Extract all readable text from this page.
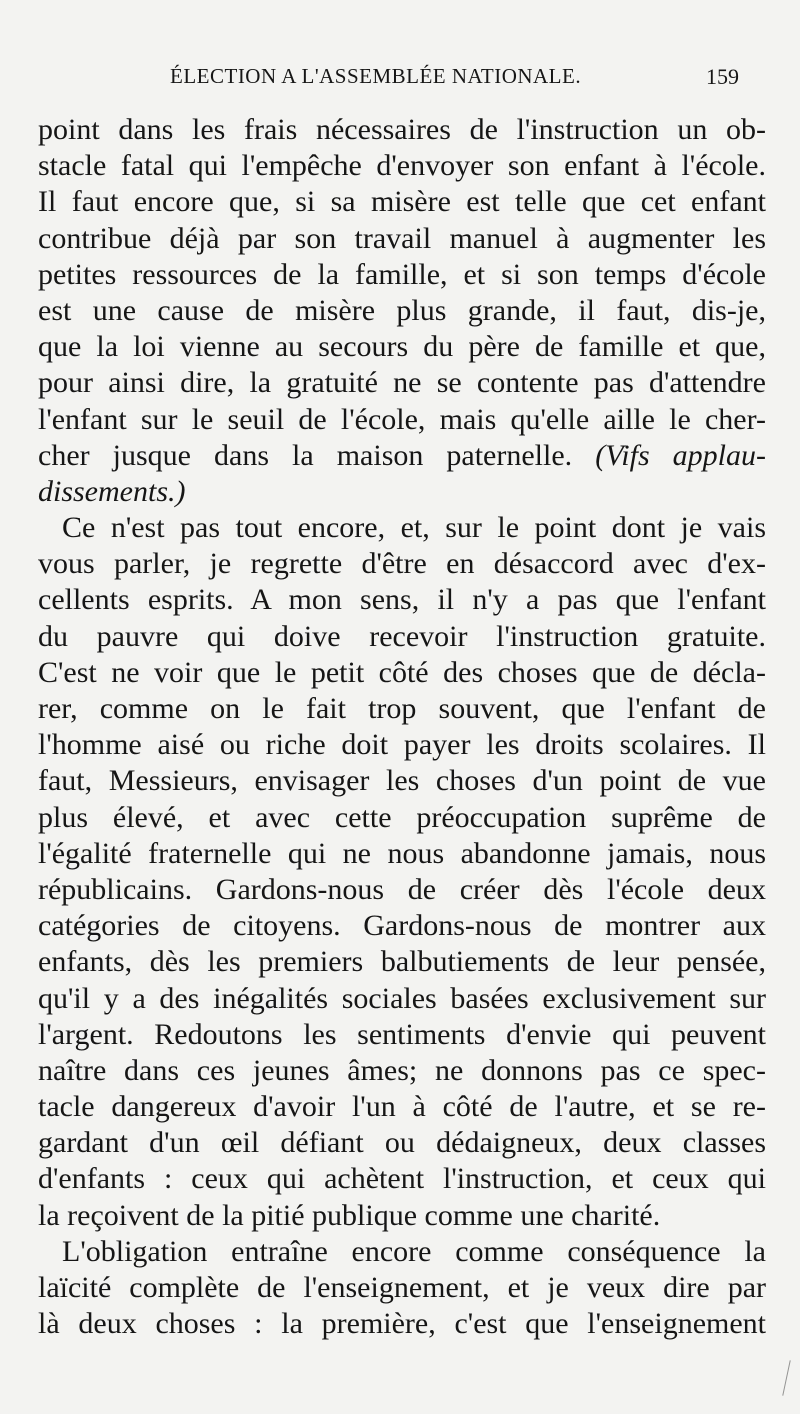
ÉLECTION A L'ASSEMBLÉE NATIONALE.	159
point dans les frais nécessaires de l'instruction un ob-
stacle fatal qui l'empêche d'envoyer son enfant à l'école.
Il faut encore que, si sa misère est telle que cet enfant
contribue déjà par son travail manuel à augmenter les
petites ressources de la famille, et si son temps d'école
est une cause de misère plus grande, il faut, dis-je,
que la loi vienne au secours du père de famille et que,
pour ainsi dire, la gratuité ne se contente pas d'attendre
l'enfant sur le seuil de l'école, mais qu'elle aille le cher-
cher jusque dans la maison paternelle. (Vifs applau-
dissements.)
Ce n'est pas tout encore, et, sur le point dont je vais
vous parler, je regrette d'être en désaccord avec d'ex-
cellents esprits. A mon sens, il n'y a pas que l'enfant
du pauvre qui doive recevoir l'instruction gratuite.
C'est ne voir que le petit côté des choses que de décla-
rer, comme on le fait trop souvent, que l'enfant de
l'homme aisé ou riche doit payer les droits scolaires. Il
faut, Messieurs, envisager les choses d'un point de vue
plus élevé, et avec cette préoccupation suprême de
l'égalité fraternelle qui ne nous abandonne jamais, nous
républicains. Gardons-nous de créer dès l'école deux
catégories de citoyens. Gardons-nous de montrer aux
enfants, dès les premiers balbutiements de leur pensée,
qu'il y a des inégalités sociales basées exclusivement sur
l'argent. Redoutons les sentiments d'envie qui peuvent
naître dans ces jeunes âmes; ne donnons pas ce spec-
tacle dangereux d'avoir l'un à côté de l'autre, et se re-
gardant d'un œil défiant ou dédaigneux, deux classes
d'enfants : ceux qui achètent l'instruction, et ceux qui
la reçoivent de la pitié publique comme une charité.
L'obligation entraîne encore comme conséquence la
laïcité complète de l'enseignement, et je veux dire par
là deux choses : la première, c'est que l'enseignement
